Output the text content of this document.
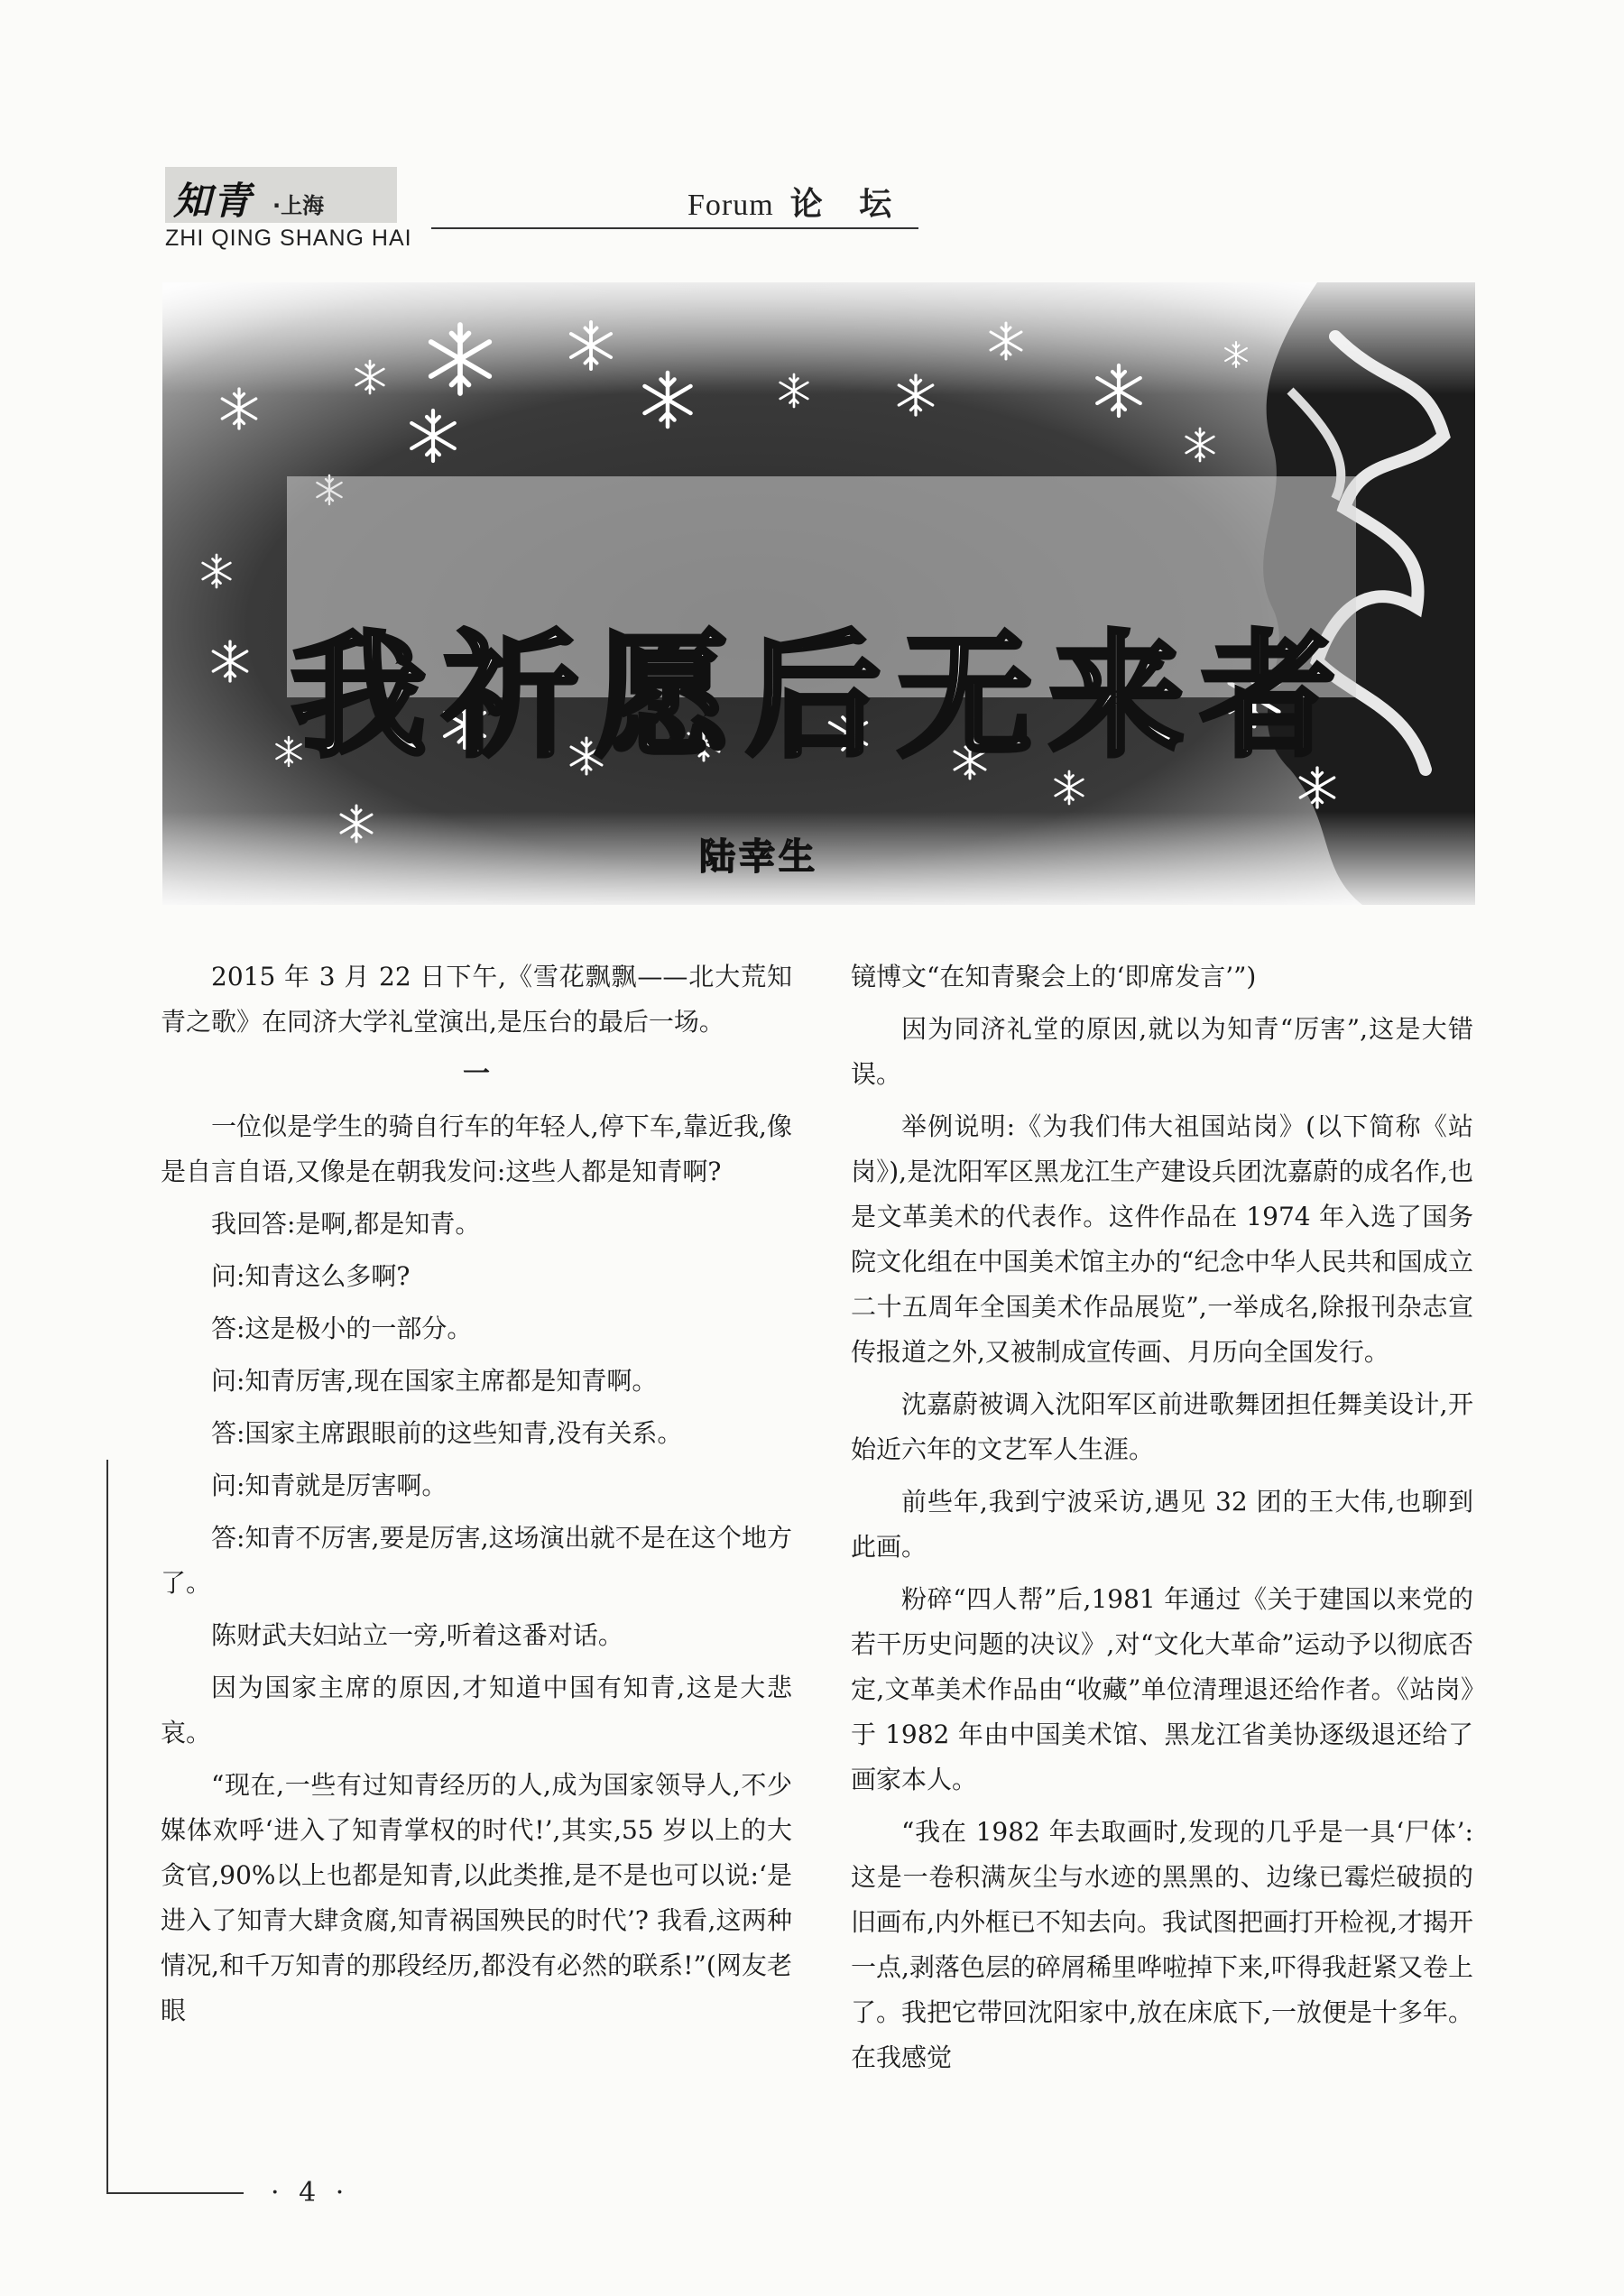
知青 ·上海
ZHI QING SHANG HAI
Forum 论 坛
我祈愿后无来者
陆幸生

2015 年 3 月 22 日下午,《雪花飘飘——北大荒知青之歌》在同济大学礼堂演出,是压台的最后一场。

一

一位似是学生的骑自行车的年轻人,停下车,靠近我,像是自言自语,又像是在朝我发问:这些人都是知青啊?

我回答:是啊,都是知青。

问:知青这么多啊?

答:这是极小的一部分。

问:知青厉害,现在国家主席都是知青啊。

答:国家主席跟眼前的这些知青,没有关系。

问:知青就是厉害啊。

答:知青不厉害,要是厉害,这场演出就不是在这个地方了。

陈财武夫妇站立一旁,听着这番对话。

因为国家主席的原因,才知道中国有知青,这是大悲哀。

“现在,一些有过知青经历的人,成为国家领导人,不少媒体欢呼‘进入了知青掌权的时代!’,其实,55 岁以上的大贪官,90%以上也都是知青,以此类推,是不是也可以说:‘是进入了知青大肆贪腐,知青祸国殃民的时代’? 我看,这两种情况,和千万知青的那段经历,都没有必然的联系!”(网友老眼

镜博文“在知青聚会上的‘即席发言’”)

因为同济礼堂的原因,就以为知青“厉害”,这是大错误。

举例说明:《为我们伟大祖国站岗》(以下简称《站岗》),是沈阳军区黑龙江生产建设兵团沈嘉蔚的成名作,也是文革美术的代表作。这件作品在 1974 年入选了国务院文化组在中国美术馆主办的“纪念中华人民共和国成立二十五周年全国美术作品展览”,一举成名,除报刊杂志宣传报道之外,又被制成宣传画、月历向全国发行。

沈嘉蔚被调入沈阳军区前进歌舞团担任舞美设计,开始近六年的文艺军人生涯。

前些年,我到宁波采访,遇见 32 团的王大伟,也聊到此画。

粉碎“四人帮”后,1981 年通过《关于建国以来党的若干历史问题的决议》,对“文化大革命”运动予以彻底否定,文革美术作品由“收藏”单位清理退还给作者。《站岗》于 1982 年由中国美术馆、黑龙江省美协逐级退还给了画家本人。

“我在 1982 年去取画时,发现的几乎是一具‘尸体’:这是一卷积满灰尘与水迹的黑黑的、边缘已霉烂破损的旧画布,内外框已不知去向。我试图把画打开检视,才揭开一点,剥落色层的碎屑稀里哗啦掉下来,吓得我赶紧又卷上了。我把它带回沈阳家中,放在床底下,一放便是十多年。在我感觉

· 4 ·
